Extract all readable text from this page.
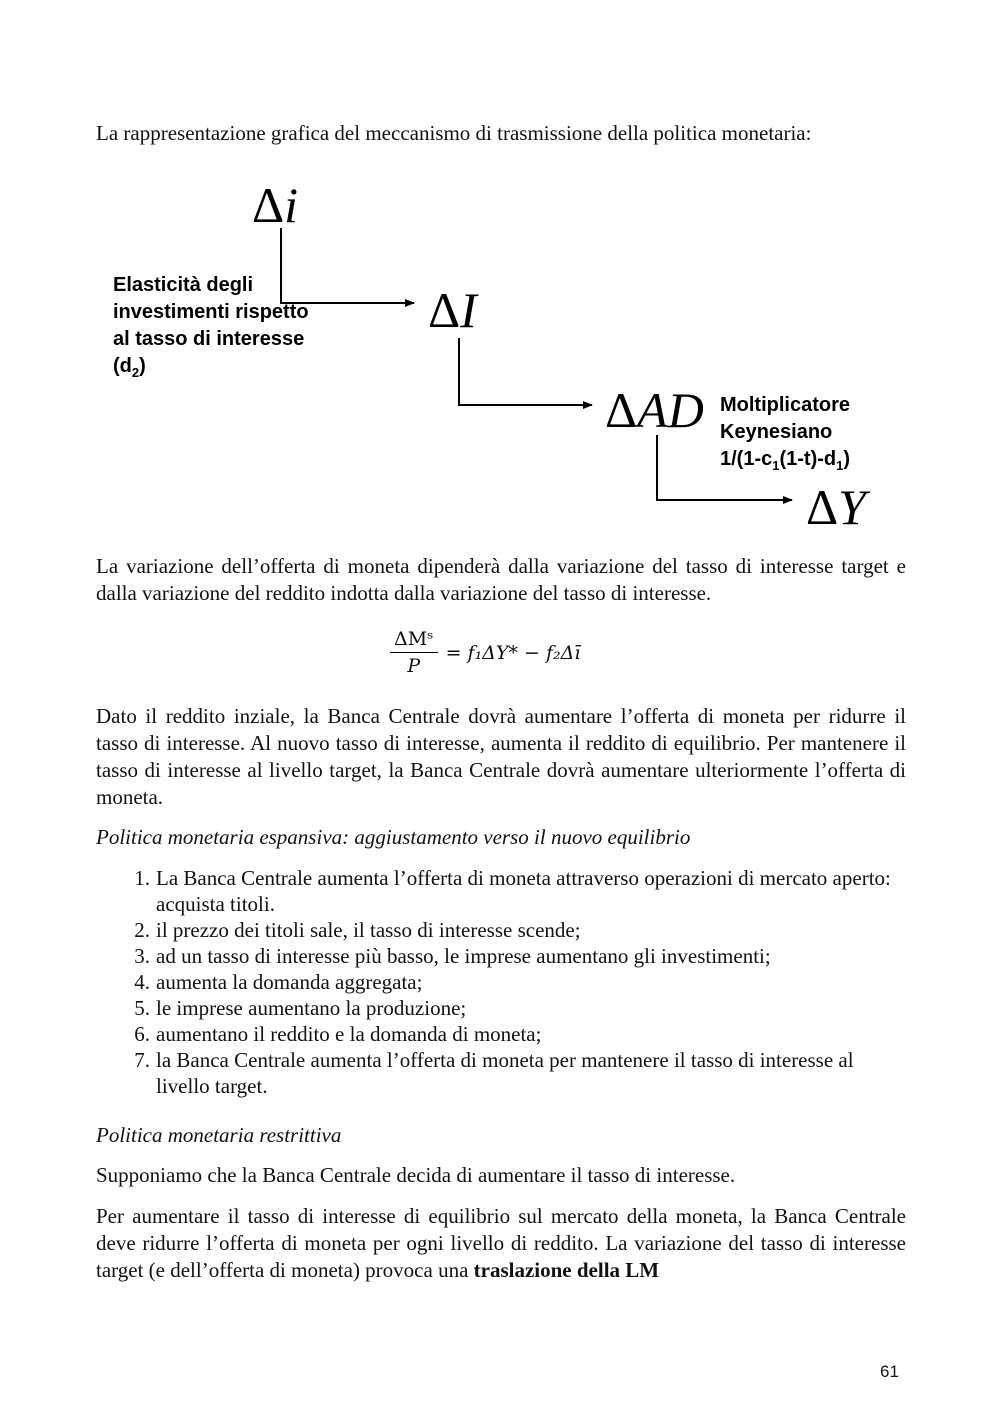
La rappresentazione grafica del meccanismo di trasmissione della politica monetaria:

Δi
ΔI
ΔAD
ΔY
Elasticità degli
investimenti rispetto
al tasso di interesse
$(d_2)$
Moltiplicatore
Keynesiano
$1/(1-c_1(1-t)-d_1)$

La variazione dell’offerta di moneta dipenderà dalla variazione del tasso di interesse target e dalla variazione del reddito indotta dalla variazione del tasso di interesse.

$\frac{\text{ΔMˢ}}{P} = f_1\Delta Y*$ − f₂Δī

Dato il reddito inziale, la Banca Centrale dovrà aumentare l’offerta di moneta per ridurre il tasso di interesse. Al nuovo tasso di interesse, aumenta il reddito di equilibrio. Per mantenere il tasso di interesse al livello target, la Banca Centrale dovrà aumentare ulteriormente l’offerta di moneta.

Politica monetaria espansiva: aggiustamento verso il nuovo equilibrio

1. La Banca Centrale aumenta l’offerta di moneta attraverso operazioni di mercato aperto: acquista titoli.
2. il prezzo dei titoli sale, il tasso di interesse scende;
3. ad un tasso di interesse più basso, le imprese aumentano gli investimenti;
4. aumenta la domanda aggregata;
5. le imprese aumentano la produzione;
6. aumentano il reddito e la domanda di moneta;
7. la Banca Centrale aumenta l’offerta di moneta per mantenere il tasso di interesse al livello target.

Politica monetaria restrittiva

Supponiamo che la Banca Centrale decida di aumentare il tasso di interesse.

Per aumentare il tasso di interesse di equilibrio sul mercato della moneta, la Banca Centrale deve ridurre l’offerta di moneta per ogni livello di reddito. La variazione del tasso di interesse target (e dell’offerta di moneta) provoca una traslazione della LM

61
